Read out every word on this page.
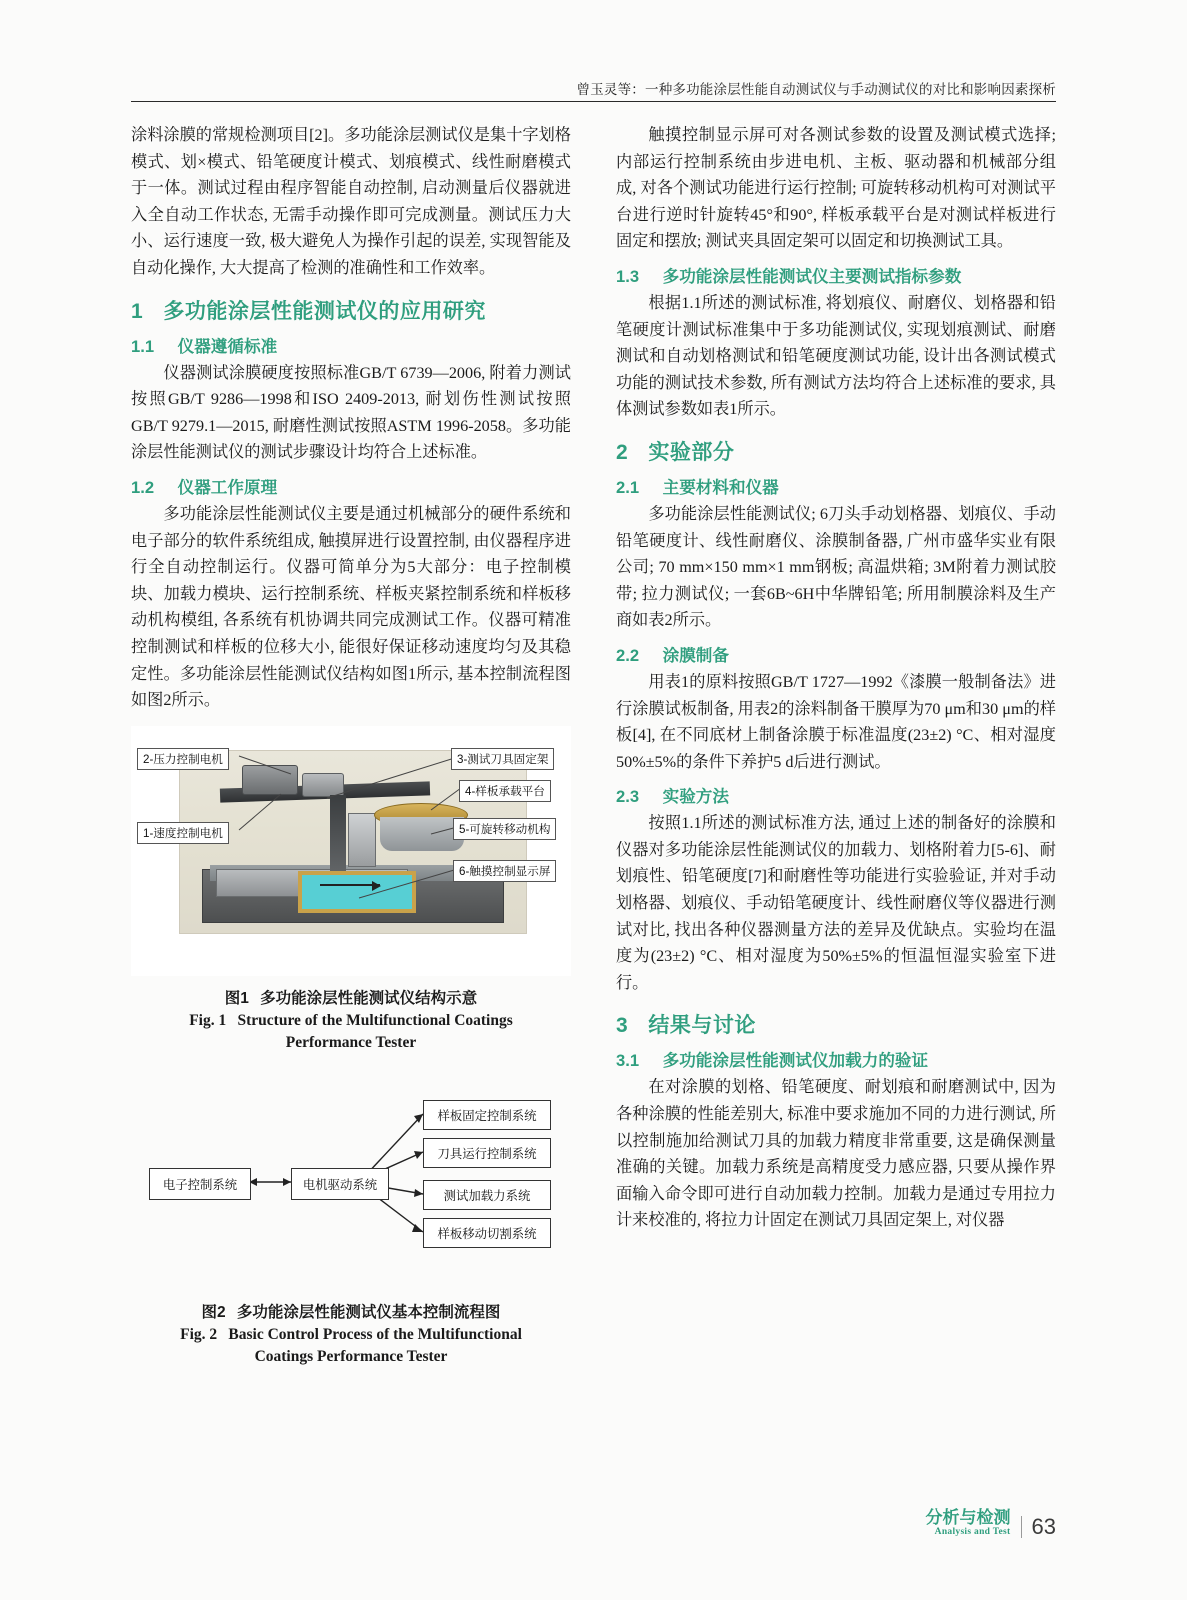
曾玉灵等：一种多功能涂层性能自动测试仪与手动测试仪的对比和影响因素探析

涂料涂膜的常规检测项目[2]。多功能涂层测试仪是集十字划格模式、划×模式、铅笔硬度计模式、划痕模式、线性耐磨模式于一体。测试过程由程序智能自动控制, 启动测量后仪器就进入全自动工作状态, 无需手动操作即可完成测量。测试压力大小、运行速度一致, 极大避免人为操作引起的误差, 实现智能及自动化操作, 大大提高了检测的准确性和工作效率。

1 多功能涂层性能测试仪的应用研究
1.1 仪器遵循标准

仪器测试涂膜硬度按照标准GB/T 6739—2006, 附着力测试按照GB/T 9286—1998和ISO 2409-2013, 耐划伤性测试按照GB/T 9279.1—2015, 耐磨性测试按照ASTM 1996-2058。多功能涂层性能测试仪的测试步骤设计均符合上述标准。

1.2 仪器工作原理

多功能涂层性能测试仪主要是通过机械部分的硬件系统和电子部分的软件系统组成, 触摸屏进行设置控制, 由仪器程序进行全自动控制运行。仪器可简单分为5大部分：电子控制模块、加载力模块、运行控制系统、样板夹紧控制系统和样板移动机构模组, 各系统有机协调共同完成测试工作。仪器可精准控制测试和样板的位移大小, 能很好保证移动速度均匀及其稳定性。多功能涂层性能测试仪结构如图1所示, 基本控制流程图如图2所示。

2-压力控制电机	3-测试刀具固定架
4-样板承载平台
1-速度控制电机	5-可旋转移动机构
6-触摸控制显示屏
图1 多功能涂层性能测试仪结构示意
Fig. 1 Structure of the Multifunctional Coatings
Performance Tester
电子控制系统	电机驱动系统
样板固定控制系统
刀具运行控制系统
测试加载力系统
样板移动切割系统
图2 多功能涂层性能测试仪基本控制流程图
Fig. 2 Basic Control Process of the Multifunctional
Coatings Performance Tester

触摸控制显示屏可对各测试参数的设置及测试模式选择; 内部运行控制系统由步进电机、主板、驱动器和机械部分组成, 对各个测试功能进行运行控制; 可旋转移动机构可对测试平台进行逆时针旋转45°和90°, 样板承载平台是对测试样板进行固定和摆放; 测试夹具固定架可以固定和切换测试工具。

1.3 多功能涂层性能测试仪主要测试指标参数

根据1.1所述的测试标准, 将划痕仪、耐磨仪、划格器和铅笔硬度计测试标准集中于多功能测试仪, 实现划痕测试、耐磨测试和自动划格测试和铅笔硬度测试功能, 设计出各测试模式功能的测试技术参数, 所有测试方法均符合上述标准的要求, 具体测试参数如表1所示。

2 实验部分
2.1 主要材料和仪器

多功能涂层性能测试仪; 6刀头手动划格器、划痕仪、手动铅笔硬度计、线性耐磨仪、涂膜制备器, 广州市盛华实业有限公司; 70 mm×150 mm×1 mm钢板; 高温烘箱; 3M附着力测试胶带; 拉力测试仪; 一套6B~6H中华牌铅笔; 所用制膜涂料及生产商如表2所示。

2.2 涂膜制备

用表1的原料按照GB/T 1727—1992《漆膜一般制备法》进行涂膜试板制备, 用表2的涂料制备干膜厚为70 μm和30 μm的样板[4], 在不同底材上制备涂膜于标准温度(23±2) °C、相对湿度50%±5%的条件下养护5 d后进行测试。

2.3 实验方法

按照1.1所述的测试标准方法, 通过上述的制备好的涂膜和仪器对多功能涂层性能测试仪的加载力、划格附着力[5-6]、耐划痕性、铅笔硬度[7]和耐磨性等功能进行实验验证, 并对手动划格器、划痕仪、手动铅笔硬度计、线性耐磨仪等仪器进行测试对比, 找出各种仪器测量方法的差异及优缺点。实验均在温度为(23±2) °C、相对湿度为50%±5%的恒温恒湿实验室下进行。

3 结果与讨论
3.1 多功能涂层性能测试仪加载力的验证

在对涂膜的划格、铅笔硬度、耐划痕和耐磨测试中, 因为各种涂膜的性能差别大, 标准中要求施加不同的力进行测试, 所以控制施加给测试刀具的加载力精度非常重要, 这是确保测量准确的关键。加载力系统是高精度受力感应器, 只要从操作界面输入命令即可进行自动加载力控制。加载力是通过专用拉力计来校准的, 将拉力计固定在测试刀具固定架上, 对仪器

分析与检测
Analysis and Test 63
